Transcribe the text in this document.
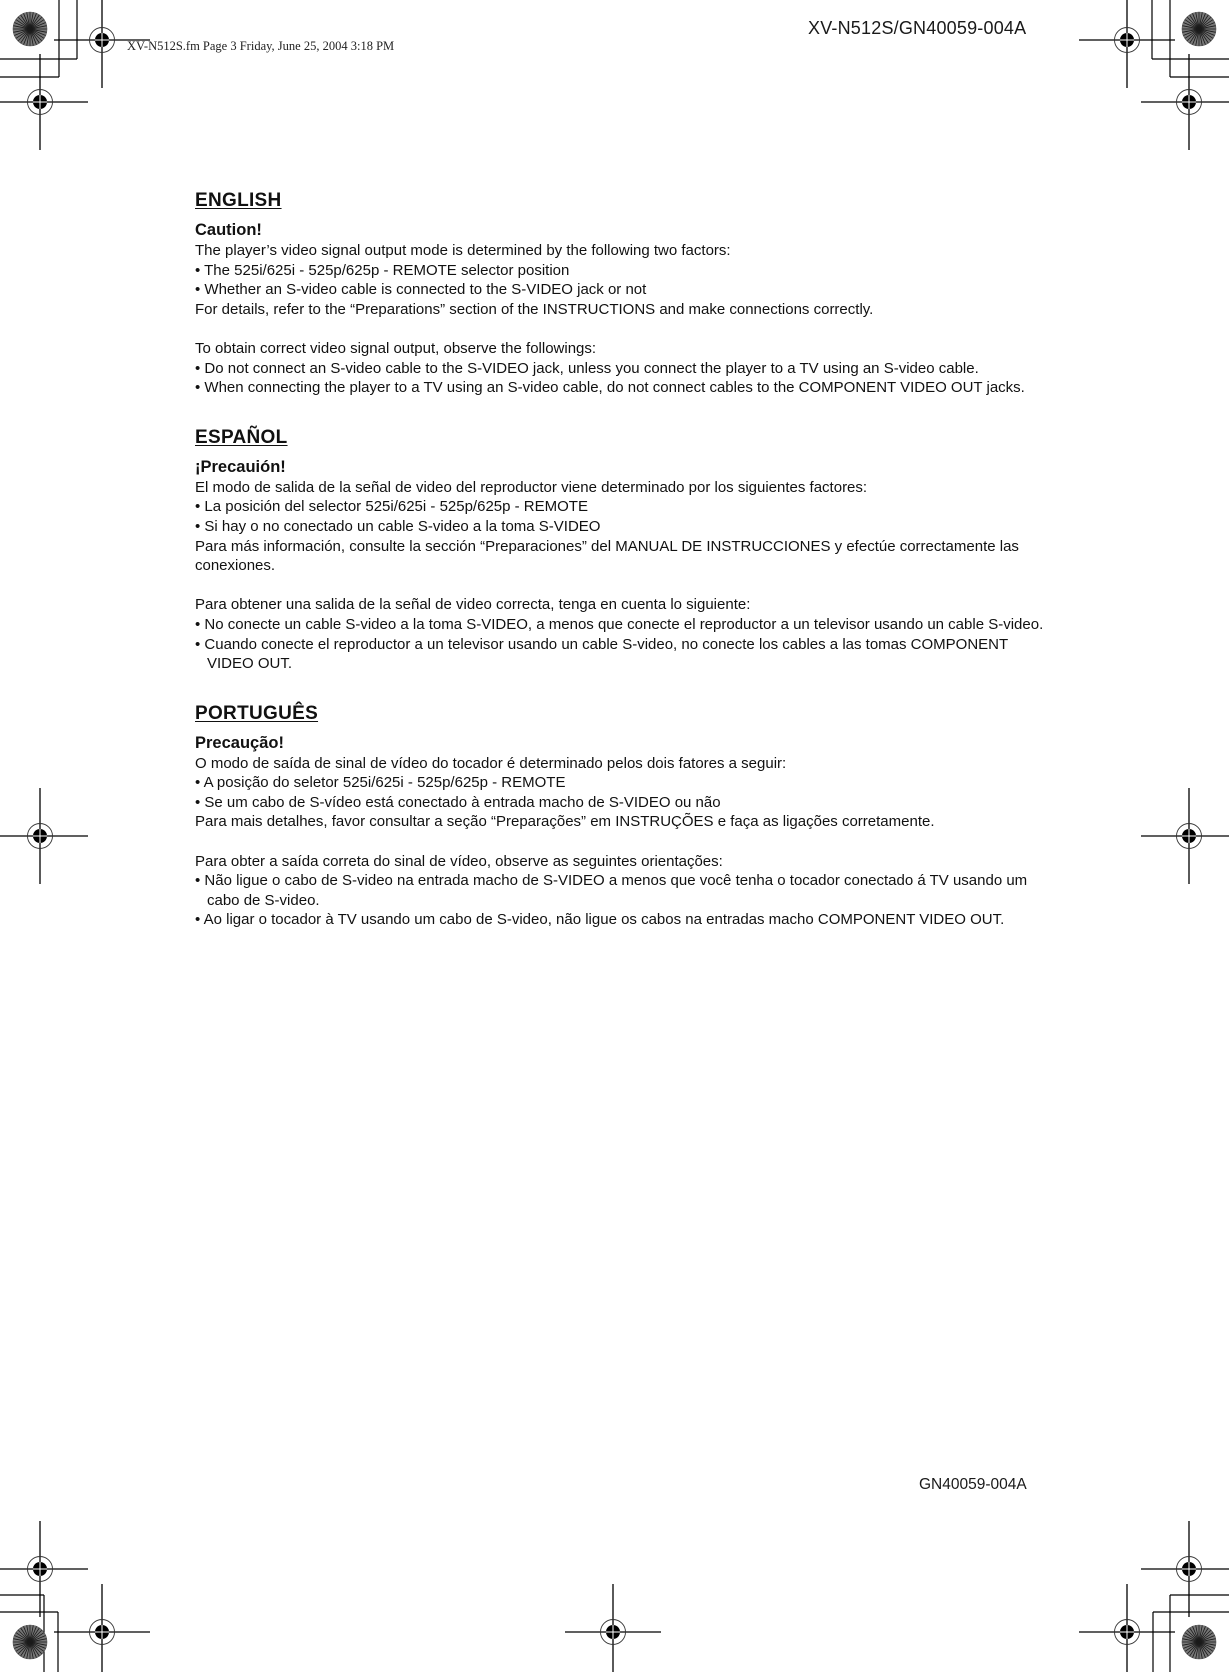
XV-N512S.fm Page 3 Friday, June 25, 2004 3:18 PM
XV-N512S/GN40059-004A
ENGLISH
Caution!

The player’s video signal output mode is determined by the following two factors:

• The 525i/625i - 525p/625p - REMOTE selector position

• Whether an S-video cable is connected to the S-VIDEO jack or not

For details, refer to the “Preparations” section of the INSTRUCTIONS and make connections correctly.

To obtain correct video signal output, observe the followings:

• Do not connect an S-video cable to the S-VIDEO jack, unless you connect the player to a TV using an S-video cable.

• When connecting the player to a TV using an S-video cable, do not connect cables to the COMPONENT VIDEO OUT jacks.

ESPAÑOL
¡Precauión!

El modo de salida de la señal de video del reproductor viene determinado por los siguientes factores:

• La posición del selector 525i/625i - 525p/625p - REMOTE

• Si hay o no conectado un cable S-video a la toma S-VIDEO

Para más información, consulte la sección “Preparaciones” del MANUAL DE INSTRUCCIONES y efectúe correctamente las conexiones.

Para obtener una salida de la señal de video correcta, tenga en cuenta lo siguiente:

• No conecte un cable S-video a la toma S-VIDEO, a menos que conecte el reproductor a un televisor usando un cable S-video.

• Cuando conecte el reproductor a un televisor usando un cable S-video, no conecte los cables a las tomas COMPONENT VIDEO OUT.

PORTUGUÊS
Precaução!

O modo de saída de sinal de vídeo do tocador é determinado pelos dois fatores a seguir:

• A posição do seletor 525i/625i - 525p/625p - REMOTE

• Se um cabo de S-vídeo está conectado à entrada macho de S-VIDEO ou não

Para mais detalhes, favor consultar a seção “Preparações” em INSTRUÇÕES e faça as ligações corretamente.

Para obter a saída correta do sinal de vídeo, observe as seguintes orientações:

• Não ligue o cabo de S-video na entrada macho de S-VIDEO a menos que você tenha o tocador conectado á TV usando um cabo de S-video.

• Ao ligar o tocador à TV usando um cabo de S-video, não ligue os cabos na entradas macho COMPONENT VIDEO OUT.

GN40059-004A
